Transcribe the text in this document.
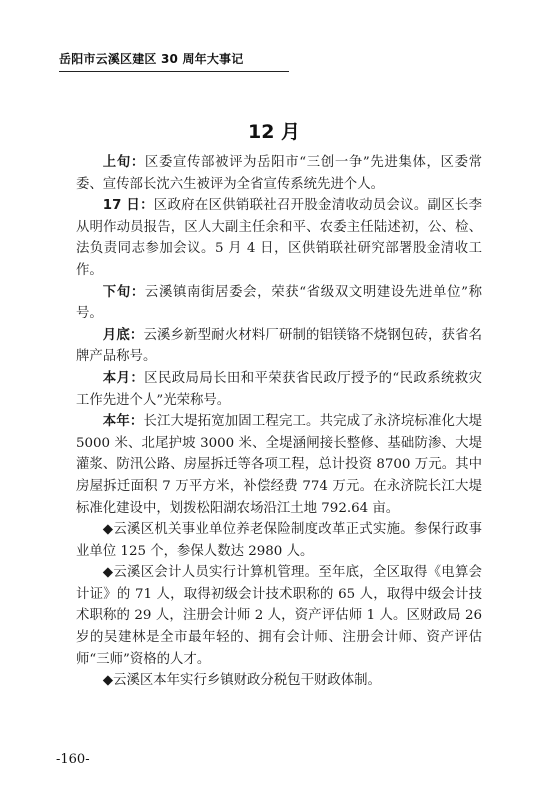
岳阳市云溪区建区 30 周年大事记
12 月

上旬：区委宣传部被评为岳阳市“三创一争”先进集体，区委常委、宣传部长沈六生被评为全省宣传系统先进个人。

17 日：区政府在区供销联社召开股金清收动员会议。副区长李从明作动员报告，区人大副主任余和平、农委主任陆述初，公、检、法负责同志参加会议。5 月 4 日，区供销联社研究部署股金清收工作。

下旬：云溪镇南街居委会，荣获“省级双文明建设先进单位”称号。

月底：云溪乡新型耐火材料厂研制的铝镁铬不烧钢包砖，获省名牌产品称号。

本月：区民政局局长田和平荣获省民政厅授予的“民政系统救灾工作先进个人”光荣称号。

本年：长江大堤拓宽加固工程完工。共完成了永济垸标准化大堤 5000 米、北尾护坡 3000 米、全堤涵闸接长整修、基础防渗、大堤灌浆、防汛公路、房屋拆迁等各项工程，总计投资 8700 万元。其中房屋拆迁面积 7 万平方米，补偿经费 774 万元。在永济院长江大堤标准化建设中，划拨松阳湖农场沿江土地 792.64 亩。

◆云溪区机关事业单位养老保险制度改革正式实施。参保行政事业单位 125 个，参保人数达 2980 人。

◆云溪区会计人员实行计算机管理。至年底，全区取得《电算会计证》的 71 人，取得初级会计技术职称的 65 人，取得中级会计技术职称的 29 人，注册会计师 2 人，资产评估师 1 人。区财政局 26 岁的吴建林是全市最年轻的、拥有会计师、注册会计师、资产评估师“三师”资格的人才。

◆云溪区本年实行乡镇财政分税包干财政体制。

-160-
